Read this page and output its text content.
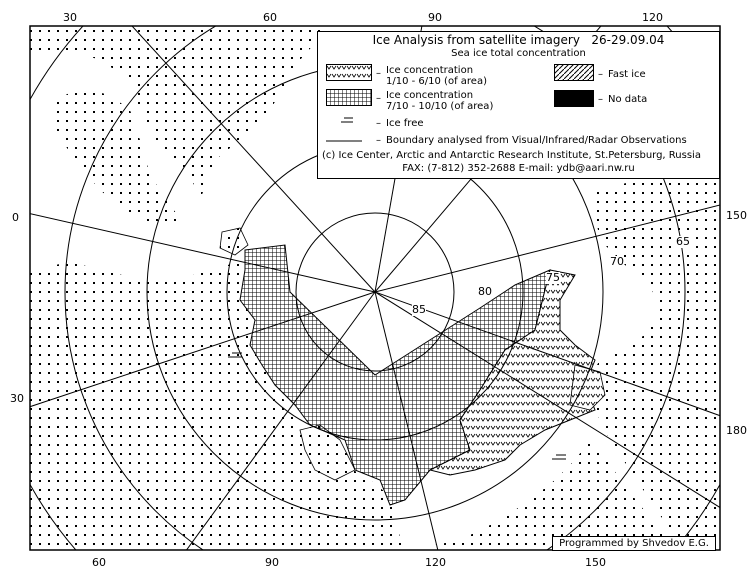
30	60	90	120
0
30
60	90	120	150
150
180
85
80
75
70
65
Ice Analysis from satellite imagery 26-29.09.04
Sea ice total concentration
– Ice concentration
1/10 - 6/10 (of area)
– Ice concentration
7/10 - 10/10 (of area)
– Ice free
– Fast ice
– No data
– Boundary analysed from Visual/Infrared/Radar Observations
(c) Ice Center, Arctic and Antarctic Research Institute, St.Petersburg, Russia
FAX: (7-812) 352-2688 E-mail: ydb@aari.nw.ru
Programmed by Shvedov E.G.
